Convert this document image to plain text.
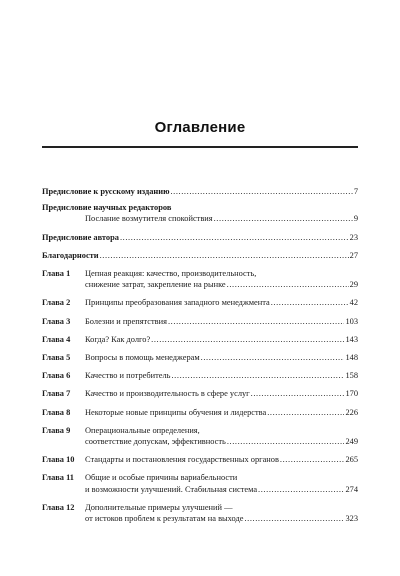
Оглавление
Предисловие к русскому изданию .....	7
Предисловие научных редакторов
Послание возмутителя спокойствия .....	9
Предисловие автора .....	23
Благодарности .....	27
Глава 1	Цепная реакция: качество, производительность,
снижение затрат, закрепление на рынке .....	29
Глава 2	Принципы преобразования западного менеджмента .....	42
Глава 3	Болезни и препятствия .....	103
Глава 4	Когда? Как долго? .....	143
Глава 5	Вопросы в помощь менеджерам .....	148
Глава 6	Качество и потребитель .....	158
Глава 7	Качество и производительность в сфере услуг .....	170
Глава 8	Некоторые новые принципы обучения и лидерства .....	226
Глава 9	Операциональные определения,
соответствие допускам, эффективность .....	249
Глава 10	Стандарты и постановления государственных органов .....	265
Глава 11	Общие и особые причины вариабельности
и возможности улучшений. Стабильная система .....	274
Глава 12	Дополнительные примеры улучшений —
от истоков проблем к результатам на выходе .....	323
